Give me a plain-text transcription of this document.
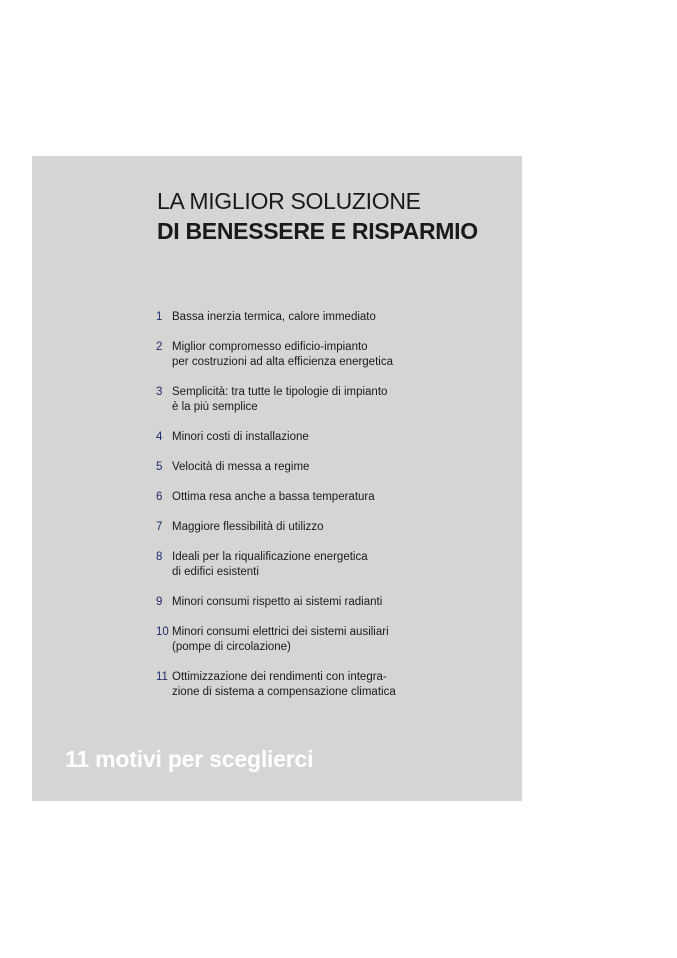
LA MIGLIOR SOLUZIONE
DI BENESSERE E RISPARMIO
1 Bassa inerzia termica, calore immediato
2 Miglior compromesso edificio-impianto
per costruzioni ad alta efficienza energetica
3 Semplicità: tra tutte le tipologie di impianto
è la più semplice
4 Minori costi di installazione
5 Velocità di messa a regime
6 Ottima resa anche a bassa temperatura
7 Maggiore flessibilità di utilizzo
8 Ideali per la riqualificazione energetica
di edifici esistenti
9 Minori consumi rispetto ai sistemi radianti
10 Minori consumi elettrici dei sistemi ausiliari
(pompe di circolazione)
11 Ottimizzazione dei rendimenti con integra-
zione di sistema a compensazione climatica
11 motivi per sceglierci
